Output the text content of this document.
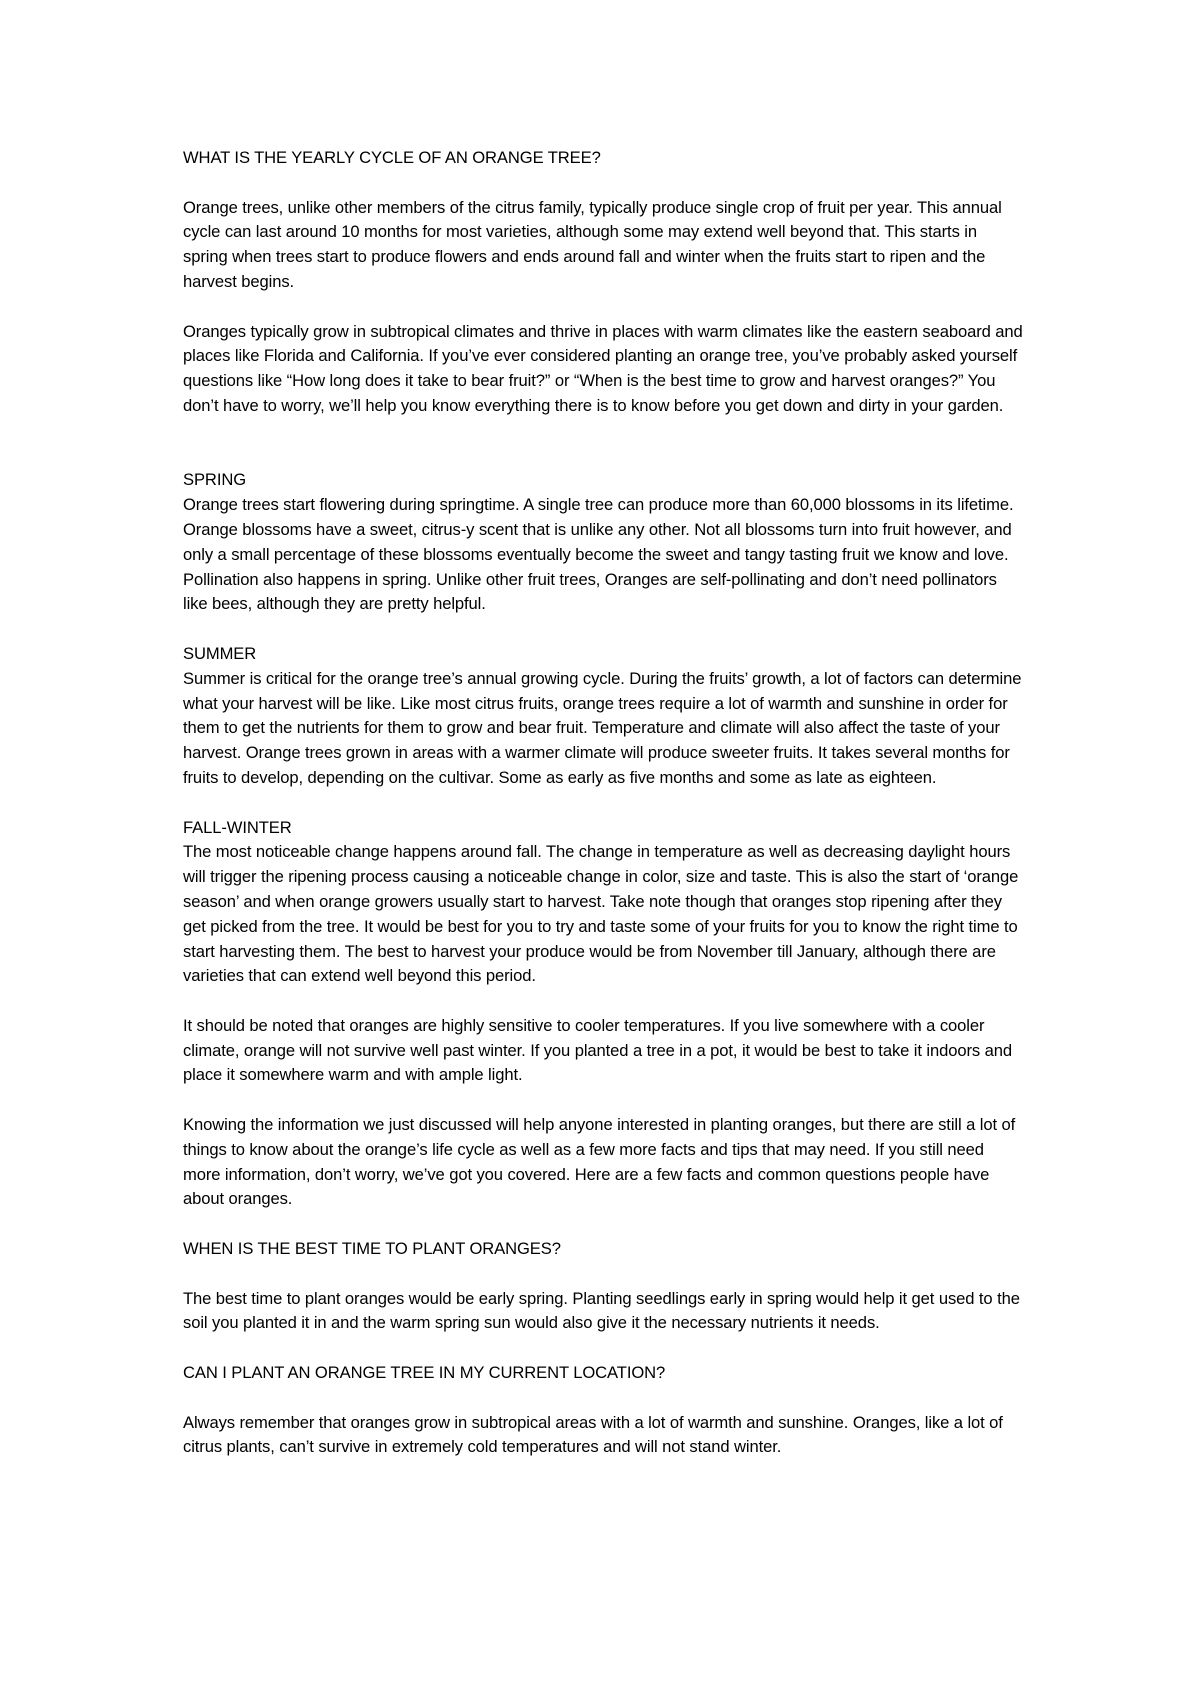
WHAT IS THE YEARLY CYCLE OF AN ORANGE TREE?

Orange trees, unlike other members of the citrus family, typically produce single crop of fruit per year. This annual cycle can last around 10 months for most varieties, although some may extend well beyond that. This starts in spring when trees start to produce flowers and ends around fall and winter when the fruits start to ripen and the harvest begins.

Oranges typically grow in subtropical climates and thrive in places with warm climates like the eastern seaboard and places like Florida and California. If you’ve ever considered planting an orange tree, you’ve probably asked yourself questions like “How long does it take to bear fruit?” or “When is the best time to grow and harvest oranges?” You don’t have to worry, we’ll help you know everything there is to know before you get down and dirty in your garden.

SPRING

Orange trees start flowering during springtime. A single tree can produce more than 60,000 blossoms in its lifetime. Orange blossoms have a sweet, citrus-y scent that is unlike any other. Not all blossoms turn into fruit however, and only a small percentage of these blossoms eventually become the sweet and tangy tasting fruit we know and love. Pollination also happens in spring. Unlike other fruit trees, Oranges are self-pollinating and don’t need pollinators like bees, although they are pretty helpful.

SUMMER

Summer is critical for the orange tree’s annual growing cycle. During the fruits’ growth, a lot of factors can determine what your harvest will be like. Like most citrus fruits, orange trees require a lot of warmth and sunshine in order for them to get the nutrients for them to grow and bear fruit. Temperature and climate will also affect the taste of your harvest. Orange trees grown in areas with a warmer climate will produce sweeter fruits. It takes several months for fruits to develop, depending on the cultivar. Some as early as five months and some as late as eighteen.

FALL-WINTER

The most noticeable change happens around fall. The change in temperature as well as decreasing daylight hours will trigger the ripening process causing a noticeable change in color, size and taste. This is also the start of ‘orange season’ and when orange growers usually start to harvest. Take note though that oranges stop ripening after they get picked from the tree. It would be best for you to try and taste some of your fruits for you to know the right time to start harvesting them. The best to harvest your produce would be from November till January, although there are varieties that can extend well beyond this period.

It should be noted that oranges are highly sensitive to cooler temperatures. If you live somewhere with a cooler climate, orange will not survive well past winter. If you planted a tree in a pot, it would be best to take it indoors and place it somewhere warm and with ample light.

Knowing the information we just discussed will help anyone interested in planting oranges, but there are still a lot of things to know about the orange’s life cycle as well as a few more facts and tips that may need. If you still need more information, don’t worry, we’ve got you covered. Here are a few facts and common questions people have about oranges.

WHEN IS THE BEST TIME TO PLANT ORANGES?

The best time to plant oranges would be early spring. Planting seedlings early in spring would help it get used to the soil you planted it in and the warm spring sun would also give it the necessary nutrients it needs.

CAN I PLANT AN ORANGE TREE IN MY CURRENT LOCATION?

Always remember that oranges grow in subtropical areas with a lot of warmth and sunshine. Oranges, like a lot of citrus plants, can’t survive in extremely cold temperatures and will not stand winter.
